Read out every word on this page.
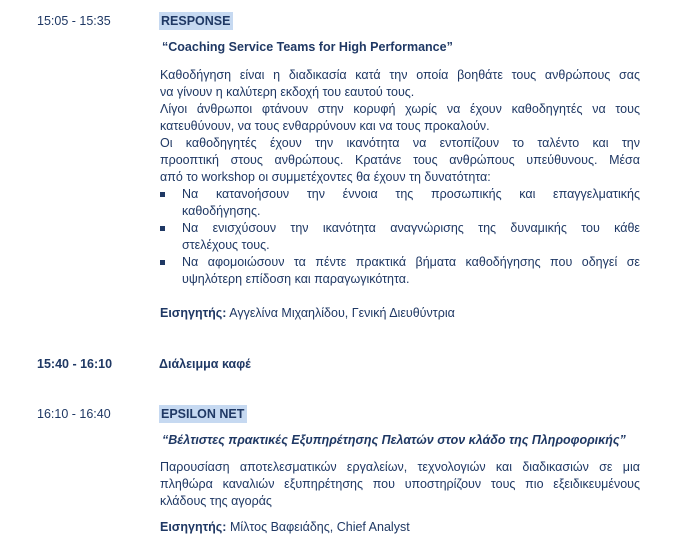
15:05 - 15:35	RESPONSE
“Coaching Service Teams for High Performance”
Καθοδήγηση είναι η διαδικασία κατά την οποία βοηθάτε τους ανθρώπους σας
να γίνουν η καλύτερη εκδοχή του εαυτού τους.
Λίγοι άνθρωποι φτάνουν στην κορυφή χωρίς να έχουν καθοδηγητές να τους
κατευθύνουν, να τους ενθαρρύνουν και να τους προκαλούν.
Οι καθοδηγητές έχουν την ικανότητα να εντοπίζουν το ταλέντο και την
προοπτική στους ανθρώπους. Κρατάνε τους ανθρώπους υπεύθυνους. Μέσα
από το workshop οι συμμετέχοντες θα έχουν τη δυνατότητα:
Να κατανοήσουν την έννοια της προσωπικής και επαγγελματικής
καθοδήγησης.
Να ενισχύσουν την ικανότητα αναγνώρισης της δυναμικής του κάθε
στελέχους τους.
Να αφομοιώσουν τα πέντε πρακτικά βήματα καθοδήγησης που οδηγεί σε
υψηλότερη επίδοση και παραγωγικότητα.
Εισηγητής: Αγγελίνα Μιχαηλίδου, Γενική Διευθύντρια
15:40 - 16:10	Διάλειμμα καφέ
16:10 - 16:40	EPSILON NET
“Βέλτιστες πρακτικές Εξυπηρέτησης Πελατών στον κλάδο της Πληροφορικής”
Παρουσίαση αποτελεσματικών εργαλείων, τεχνολογιών και διαδικασιών σε μια
πληθώρα καναλιών εξυπηρέτησης που υποστηρίζουν τους πιο εξειδικευμένους
κλάδους της αγοράς
Εισηγητής: Μίλτος Βαφειάδης, Chief Analyst
